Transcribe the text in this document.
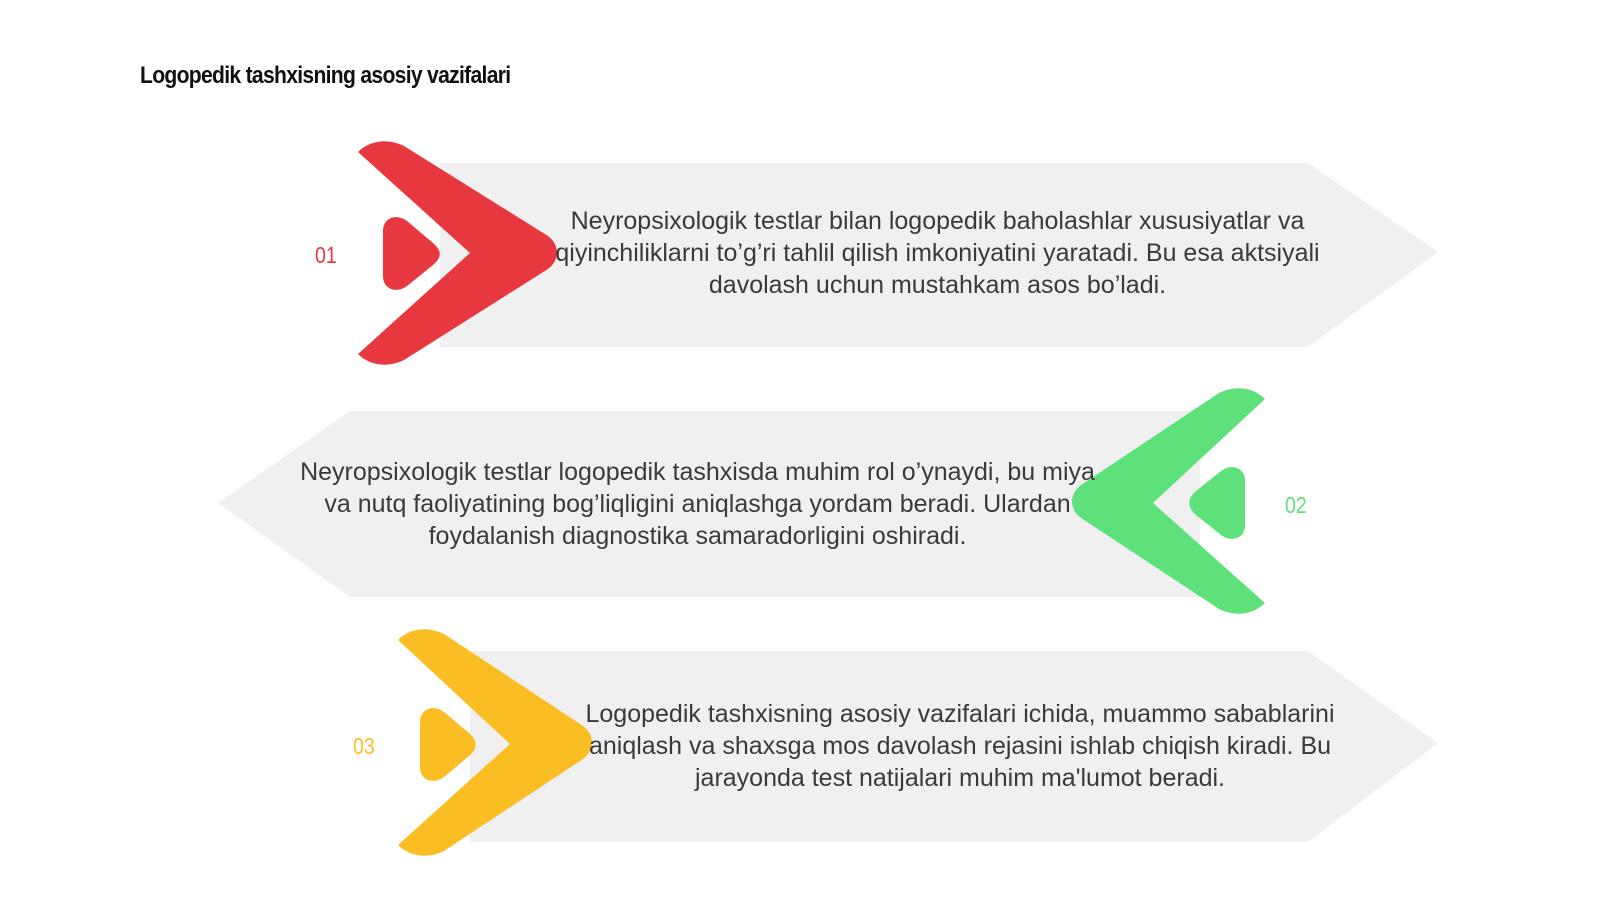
Logopedik tashxisning asosiy vazifalari
01
Neyropsixologik testlar bilan logopedik baholashlar xususiyatlar va qiyinchiliklarni to’g’ri tahlil qilish imkoniyatini yaratadi. Bu esa aktsiyali davolash uchun mustahkam asos bo’ladi.
02
Neyropsixologik testlar logopedik tashxisda muhim rol o’ynaydi, bu miya va nutq faoliyatining bog’liqligini aniqlashga yordam beradi. Ulardan foydalanish diagnostika samaradorligini oshiradi.
03
Logopedik tashxisning asosiy vazifalari ichida, muammo sabablarini aniqlash va shaxsga mos davolash rejasini ishlab chiqish kiradi. Bu jarayonda test natijalari muhim ma'lumot beradi.
